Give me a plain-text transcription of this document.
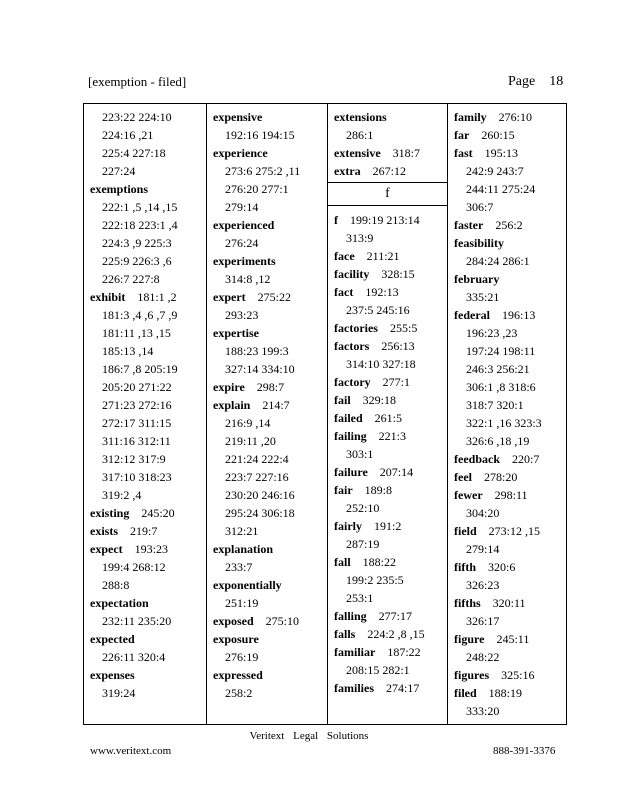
[exemption - filed]	Page 18
223:22 224:10
224:16 ,21
225:4 227:18
227:24
exemptions
222:1 ,5 ,14 ,15
222:18 223:1 ,4
224:3 ,9 225:3
225:9 226:3 ,6
226:7 227:8
exhibit 181:1 ,2
181:3 ,4 ,6 ,7 ,9
181:11 ,13 ,15
185:13 ,14
186:7 ,8 205:19
205:20 271:22
271:23 272:16
272:17 311:15
311:16 312:11
312:12 317:9
317:10 318:23
319:2 ,4
existing 245:20
exists 219:7
expect 193:23
199:4 268:12
288:8
expectation
232:11 235:20
expected
226:11 320:4
expenses
319:24
expensive
192:16 194:15
experience
273:6 275:2 ,11
276:20 277:1
279:14
experienced
276:24
experiments
314:8 ,12
expert 275:22
293:23
expertise
188:23 199:3
327:14 334:10
expire 298:7
explain 214:7
216:9 ,14
219:11 ,20
221:24 222:4
223:7 227:16
230:20 246:16
295:24 306:18
312:21
explanation
233:7
exponentially
251:19
exposed 275:10
exposure
276:19
expressed
258:2
extensions
286:1
extensive 318:7
extra 267:12
f
f 199:19 213:14
313:9
face 211:21
facility 328:15
fact 192:13
237:5 245:16
factories 255:5
factors 256:13
314:10 327:18
factory 277:1
fail 329:18
failed 261:5
failing 221:3
303:1
failure 207:14
fair 189:8
252:10
fairly 191:2
287:19
fall 188:22
199:2 235:5
253:1
falling 277:17
falls 224:2 ,8 ,15
familiar 187:22
208:15 282:1
families 274:17
family 276:10
far 260:15
fast 195:13
242:9 243:7
244:11 275:24
306:7
faster 256:2
feasibility
284:24 286:1
february
335:21
federal 196:13
196:23 ,23
197:24 198:11
246:3 256:21
306:1 ,8 318:6
318:7 320:1
322:1 ,16 323:3
326:6 ,18 ,19
feedback 220:7
feel 278:20
fewer 298:11
304:20
field 273:12 ,15
279:14
fifth 320:6
326:23
fifths 320:11
326:17
figure 245:11
248:22
figures 325:16
filed 188:19
333:20
Veritext Legal Solutions
www.veritext.com	888-391-3376
